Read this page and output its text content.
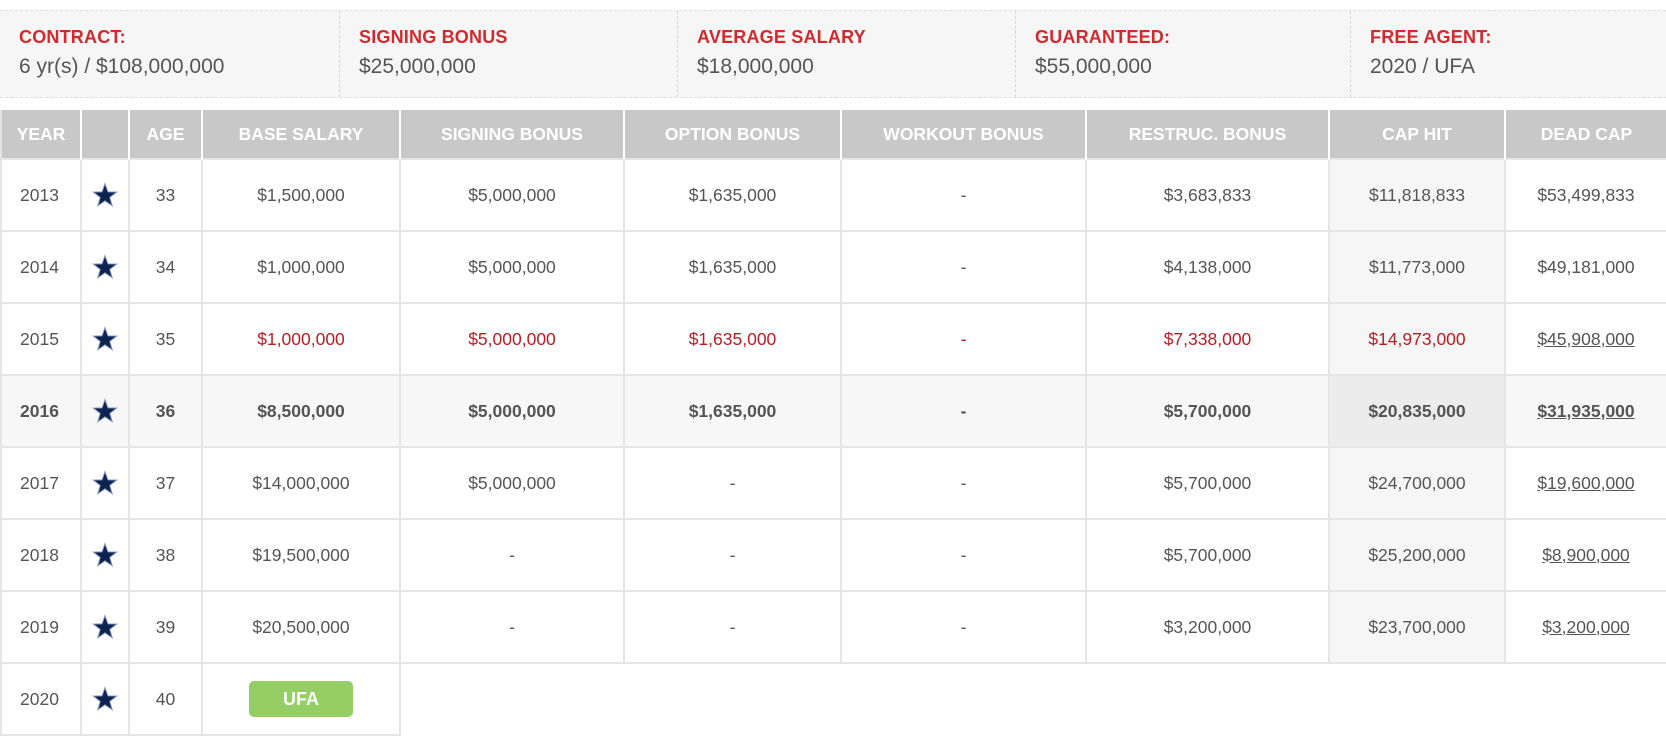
CONTRACT:
6 yr(s) / $108,000,000
SIGNING BONUS
$25,000,000
AVERAGE SALARY
$18,000,000
GUARANTEED:
$55,000,000
FREE AGENT:
2020 / UFA
YEAR		AGE	BASE SALARY	SIGNING BONUS	OPTION BONUS	WORKOUT BONUS	RESTRUC. BONUS	CAP HIT	DEAD CAP
2013		33	$1,500,000	$5,000,000	$1,635,000	-	$3,683,833	$11,818,833	$53,499,833
2014		34	$1,000,000	$5,000,000	$1,635,000	-	$4,138,000	$11,773,000	$49,181,000
2015		35	$1,000,000	$5,000,000	$1,635,000	-	$7,338,000	$14,973,000	$45,908,000
2016		36	$8,500,000	$5,000,000	$1,635,000	-	$5,700,000	$20,835,000	$31,935,000
2017		37	$14,000,000	$5,000,000	-	-	$5,700,000	$24,700,000	$19,600,000
2018		38	$19,500,000	-	-	-	$5,700,000	$25,200,000	$8,900,000
2019		39	$20,500,000	-	-	-	$3,200,000	$23,700,000	$3,200,000
2020		40	UFA						
